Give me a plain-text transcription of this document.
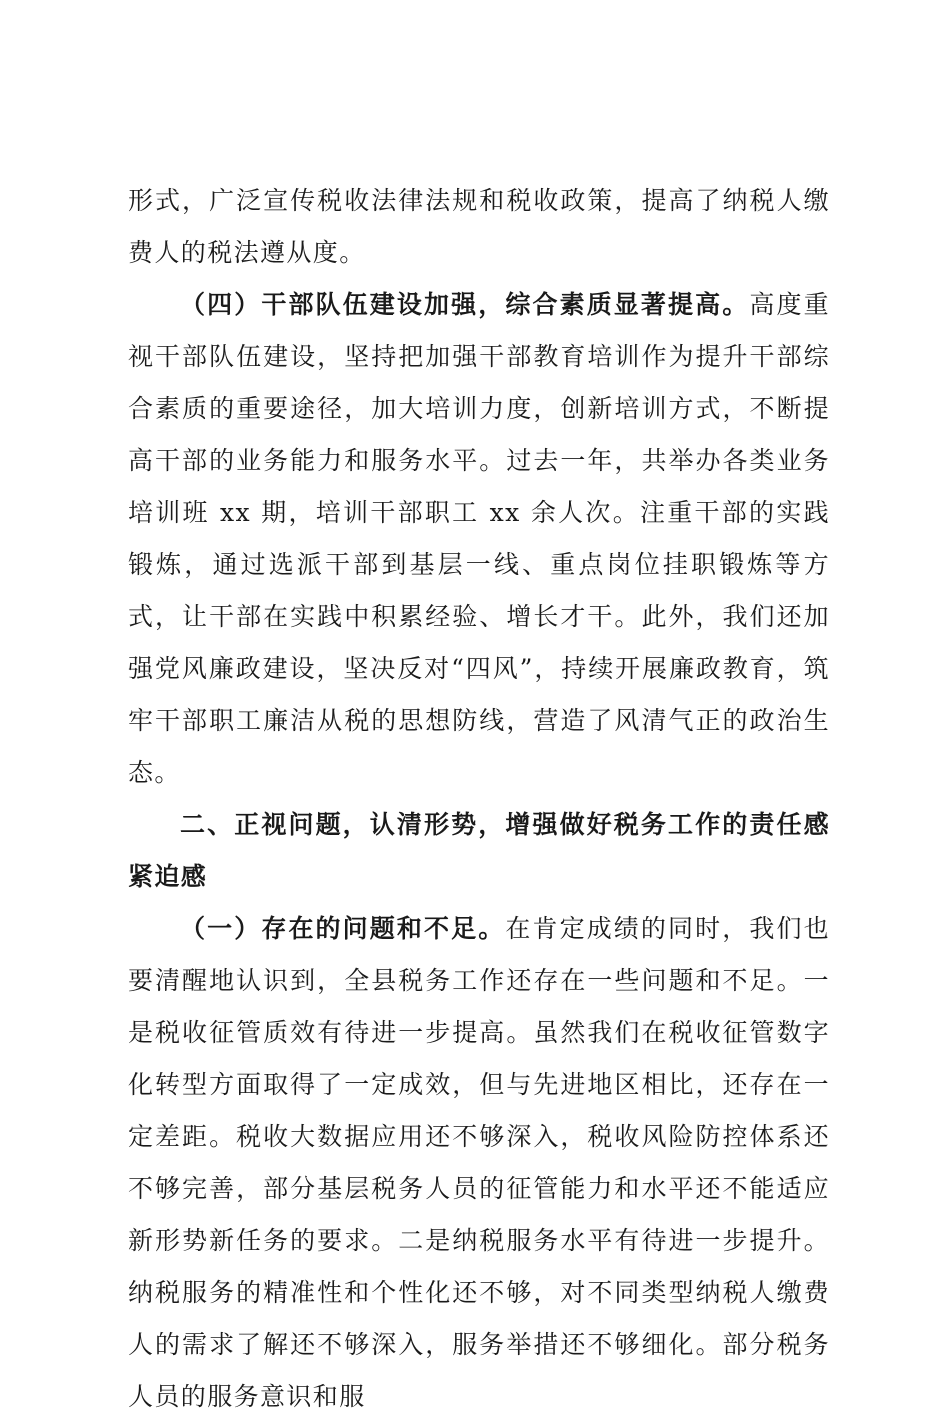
形式，广泛宣传税收法律法规和税收政策，提高了纳税人缴费人的税法遵从度。

（四）干部队伍建设加强，综合素质显著提高。高度重视干部队伍建设，坚持把加强干部教育培训作为提升干部综合素质的重要途径，加大培训力度，创新培训方式，不断提高干部的业务能力和服务水平。过去一年，共举办各类业务培训班 xx 期，培训干部职工 xx 余人次。注重干部的实践锻炼，通过选派干部到基层一线、重点岗位挂职锻炼等方式，让干部在实践中积累经验、增长才干。此外，我们还加强党风廉政建设，坚决反对“四风”，持续开展廉政教育，筑牢干部职工廉洁从税的思想防线，营造了风清气正的政治生态。

二、正视问题，认清形势，增强做好税务工作的责任感紧迫感

（一）存在的问题和不足。在肯定成绩的同时，我们也要清醒地认识到，全县税务工作还存在一些问题和不足。一是税收征管质效有待进一步提高。虽然我们在税收征管数字化转型方面取得了一定成效，但与先进地区相比，还存在一定差距。税收大数据应用还不够深入，税收风险防控体系还不够完善，部分基层税务人员的征管能力和水平还不能适应新形势新任务的要求。二是纳税服务水平有待进一步提升。纳税服务的精准性和个性化还不够，对不同类型纳税人缴费人的需求了解还不够深入，服务举措还不够细化。部分税务人员的服务意识和服
